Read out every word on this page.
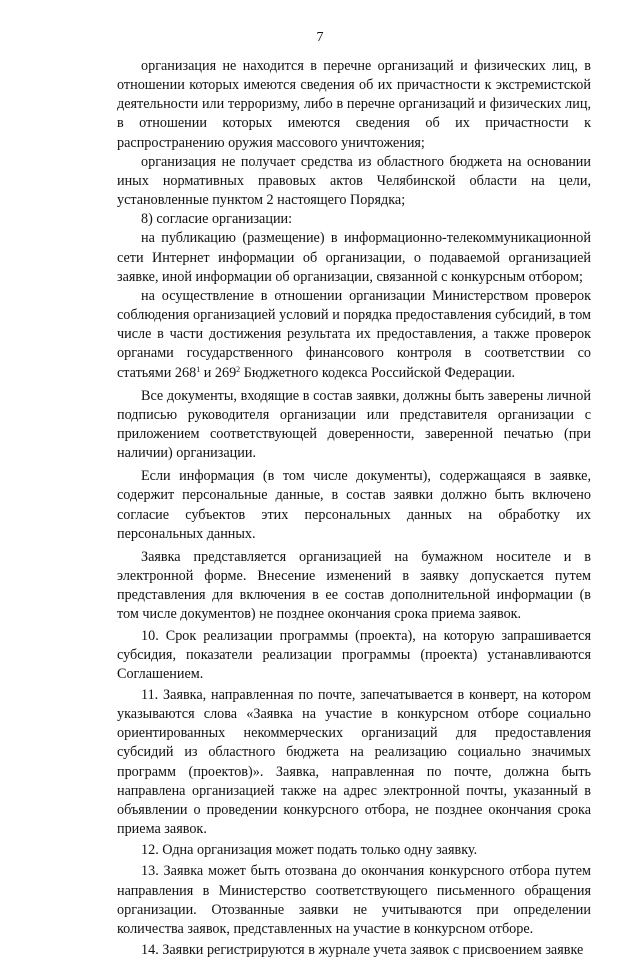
7

организация не находится в перечне организаций и физических лиц, в отношении которых имеются сведения об их причастности к экстремистской деятельности или терроризму, либо в перечне организаций и физических лиц, в отношении которых имеются сведения об их причастности к распространению оружия массового уничтожения;

организация не получает средства из областного бюджета на основании иных нормативных правовых актов Челябинской области на цели, установленные пунктом 2 настоящего Порядка;

8) согласие организации:

на публикацию (размещение) в информационно-телекоммуникационной сети Интернет информации об организации, о подаваемой организацией заявке, иной информации об организации, связанной с конкурсным отбором;

на осуществление в отношении организации Министерством проверок соблюдения организацией условий и порядка предоставления субсидий, в том числе в части достижения результата их предоставления, а также проверок органами государственного финансового контроля в соответствии со статьями $268^1$ и $269^2$ Бюджетного кодекса Российской Федерации.

Все документы, входящие в состав заявки, должны быть заверены личной подписью руководителя организации или представителя организации с приложением соответствующей доверенности, заверенной печатью (при наличии) организации.

Если информация (в том числе документы), содержащаяся в заявке, содержит персональные данные, в состав заявки должно быть включено согласие субъектов этих персональных данных на обработку их персональных данных.

Заявка представляется организацией на бумажном носителе и в электронной форме. Внесение изменений в заявку допускается путем представления для включения в ее состав дополнительной информации (в том числе документов) не позднее окончания срока приема заявок.

10. Срок реализации программы (проекта), на которую запрашивается субсидия, показатели реализации программы (проекта) устанавливаются Соглашением.

11. Заявка, направленная по почте, запечатывается в конверт, на котором указываются слова «Заявка на участие в конкурсном отборе социально ориентированных некоммерческих организаций для предоставления субсидий из областного бюджета на реализацию социально значимых программ (проектов)». Заявка, направленная по почте, должна быть направлена организацией также на адрес электронной почты, указанный в объявлении о проведении конкурсного отбора, не позднее окончания срока приема заявок.

12. Одна организация может подать только одну заявку.

13. Заявка может быть отозвана до окончания конкурсного отбора путем направления в Министерство соответствующего письменного обращения организации. Отозванные заявки не учитываются при определении количества заявок, представленных на участие в конкурсном отборе.

14. Заявки регистрируются в журнале учета заявок с присвоением заявке
